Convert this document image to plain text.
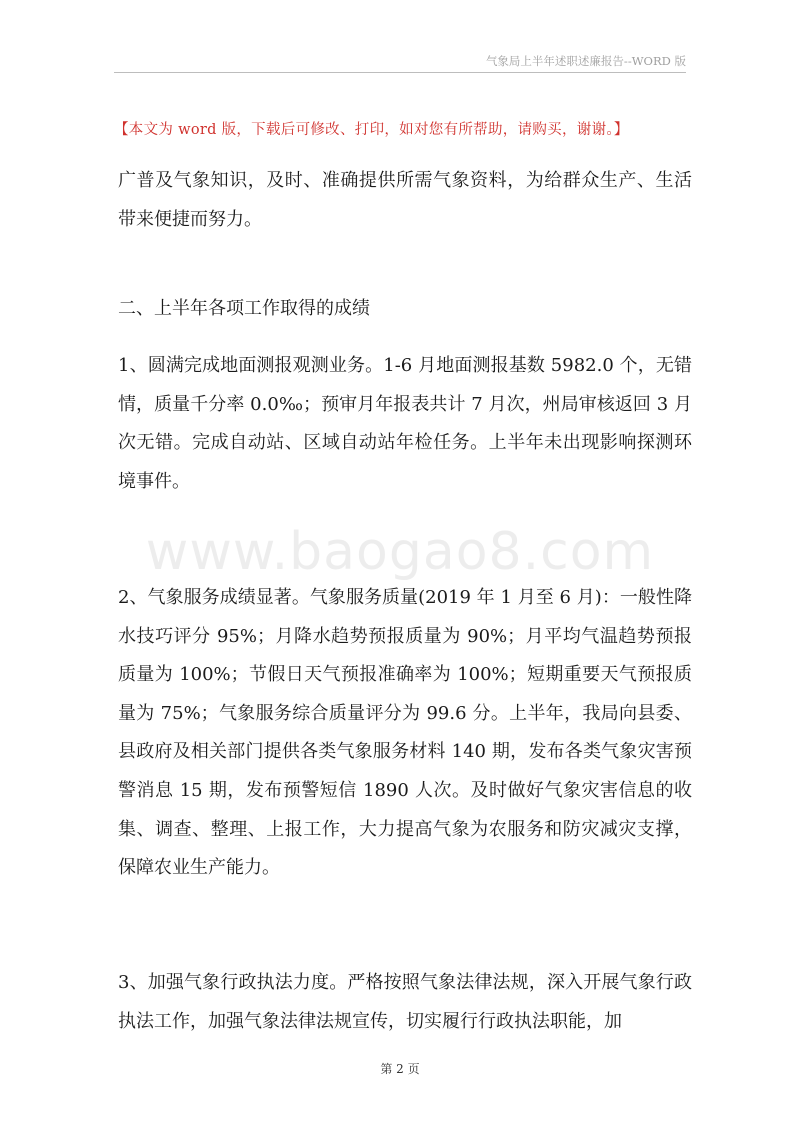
气象局上半年述职述廉报告--WORD 版
【本文为 word 版，下载后可修改、打印，如对您有所帮助，请购买，谢谢。】

广普及气象知识，及时、准确提供所需气象资料，为给群众生产、生活带来便捷而努力。

二、上半年各项工作取得的成绩

1、圆满完成地面测报观测业务。1-6 月地面测报基数 5982.0 个，无错情，质量千分率 0.0‰；预审月年报表共计 7 月次，州局审核返回 3 月次无错。完成自动站、区域自动站年检任务。上半年未出现影响探测环境事件。

2、气象服务成绩显著。气象服务质量(2019 年 1 月至 6 月)：一般性降水技巧评分 95%；月降水趋势预报质量为 90%；月平均气温趋势预报质量为 100%；节假日天气预报准确率为 100%；短期重要天气预报质量为 75%；气象服务综合质量评分为 99.6 分。上半年，我局向县委、县政府及相关部门提供各类气象服务材料 140 期，发布各类气象灾害预警消息 15 期，发布预警短信 1890 人次。及时做好气象灾害信息的收集、调查、整理、上报工作，大力提高气象为农服务和防灾减灾支撑，保障农业生产能力。

3、加强气象行政执法力度。严格按照气象法律法规，深入开展气象行政执法工作，加强气象法律法规宣传，切实履行行政执法职能，加

www.baogao8.com
第 2 页
